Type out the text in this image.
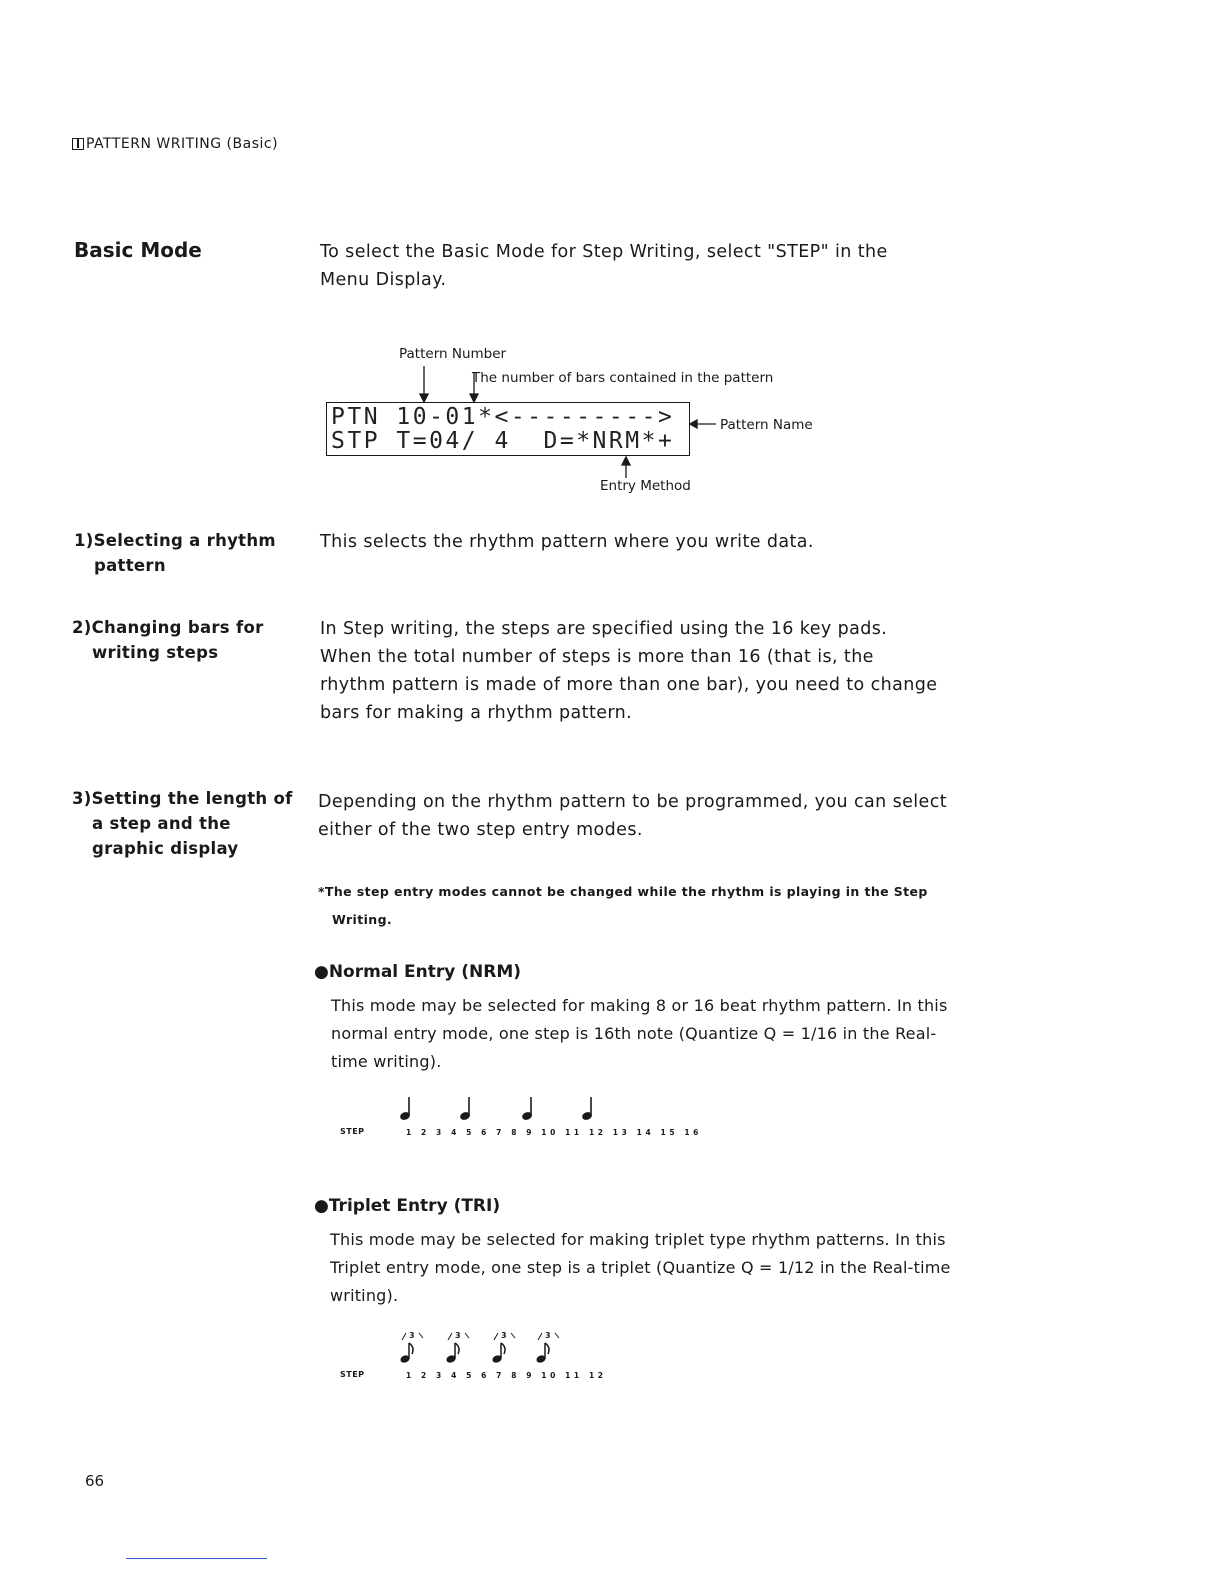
PATTERN WRITING (Basic)
Basic Mode	To select the Basic Mode for Step Writing, select "STEP" in the
Menu Display.
Pattern Number
The number of bars contained in the pattern
Pattern Name
Entry Method
PTN 10-01*<--------->
STP T=04/ 4  D=*NRM*+
1)Selecting a rhythm
pattern
This selects the rhythm pattern where you write data.
2)Changing bars for
writing steps
In Step writing, the steps are specified using the 16 key pads.
When the total number of steps is more than 16 (that is, the
rhythm pattern is made of more than one bar), you need to change
bars for making a rhythm pattern.
3)Setting the length of
a step and the
graphic display
Depending on the rhythm pattern to be programmed, you can select
either of the two step entry modes.
*The step entry modes cannot be changed while the rhythm is playing in the Step
Writing.
●Normal Entry (NRM)
This mode may be selected for making 8 or 16 beat rhythm pattern. In this
normal entry mode, one step is 16th note (Quantize Q = 1/16 in the Real-
time writing).
STEP	1 2 3 4 5 6 7 8 9 10 11 12 13 14 15 16
●Triplet Entry (TRI)
This mode may be selected for making triplet type rhythm patterns. In this
Triplet entry mode, one step is a triplet (Quantize Q = 1/12 in the Real-time
writing).
3	3	3	3
STEP	1 2 3 4 5 6 7 8 9 10 11 12
66
